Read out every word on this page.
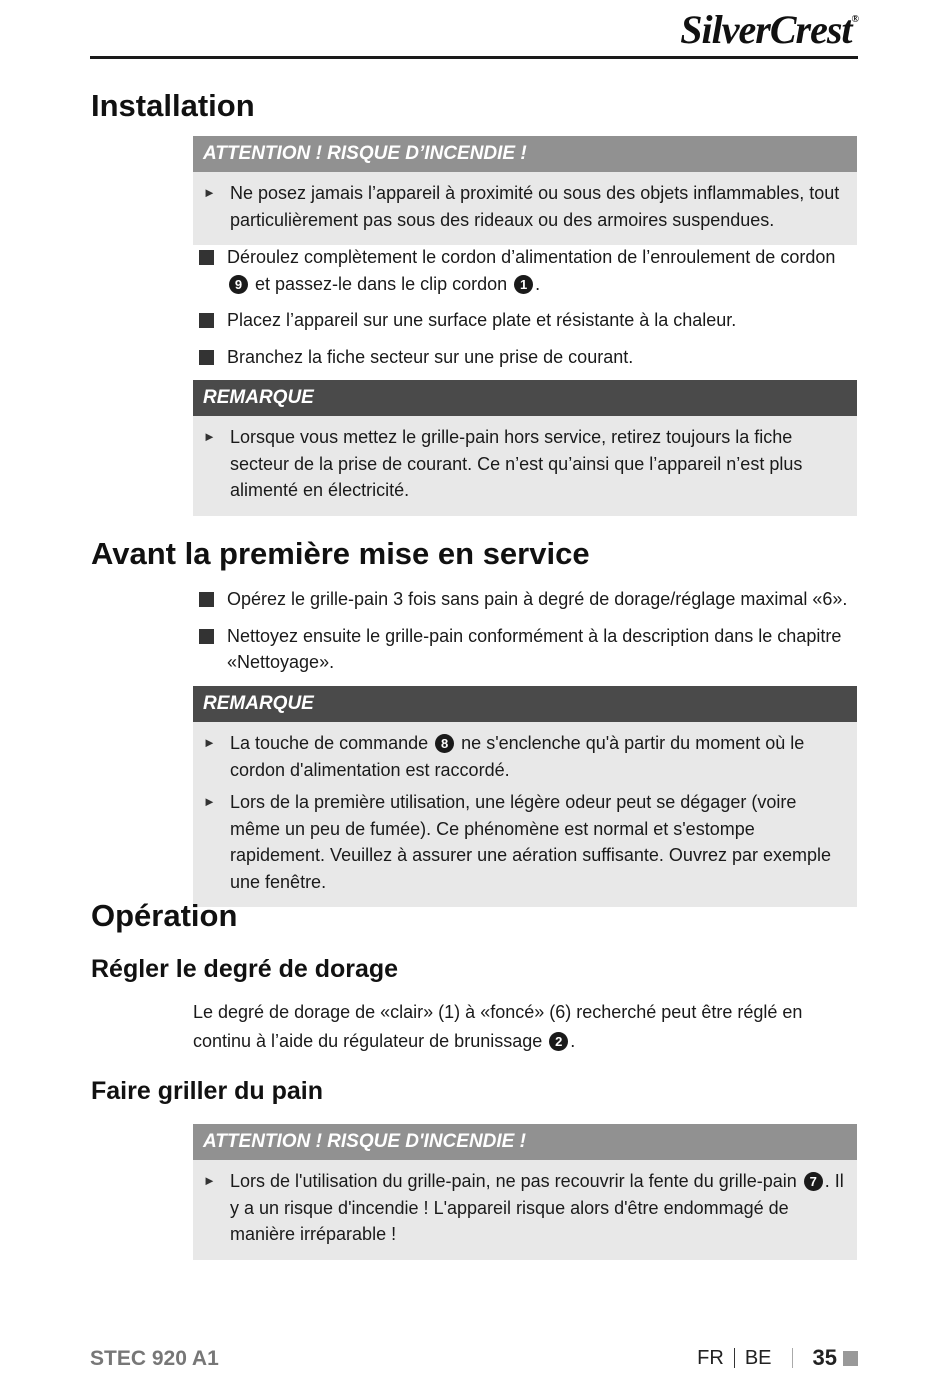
SilverCrest®
Installation
ATTENTION ! RISQUE D’INCENDIE !
► Ne posez jamais l’appareil à proximité ou sous des objets inflammables, tout particulièrement pas sous des rideaux ou des armoires suspendues.
Déroulez complètement le cordon d’alimentation de l’enroulement de cordon 9 et passez-le dans le clip cordon 1 .
Placez l’appareil sur une surface plate et résistante à la chaleur.
Branchez la fiche secteur sur une prise de courant.
REMARQUE
► Lorsque vous mettez le grille-pain hors service, retirez toujours la fiche secteur de la prise de courant. Ce n’est qu’ainsi que l’appareil n’est plus alimenté en électricité.
Avant la première mise en service
Opérez le grille-pain 3 fois sans pain à degré de dorage/réglage maximal «6».
Nettoyez ensuite le grille-pain conformément à la description dans le chapitre «Nettoyage».
REMARQUE
► La touche de commande 8 ne s'enclenche qu'à partir du moment où le cordon d'alimentation est raccordé.
► Lors de la première utilisation, une légère odeur peut se dégager (voire même un peu de fumée). Ce phénomène est normal et s'estompe rapidement. Veuillez à assurer une aération suffisante. Ouvrez par exemple une fenêtre.
Opération
Régler le degré de dorage

Le degré de dorage de «clair» (1) à «foncé» (6) recherché peut être réglé en continu à l’aide du régulateur de brunissage 2 .

Faire griller du pain
ATTENTION ! RISQUE D'INCENDIE !
► Lors de l'utilisation du grille-pain, ne pas recouvrir la fente du grille-pain 7 . Il y a un risque d'incendie ! L'appareil risque alors d'être endommagé de manière irréparable !
STEC 920 A1	FR BE 35
